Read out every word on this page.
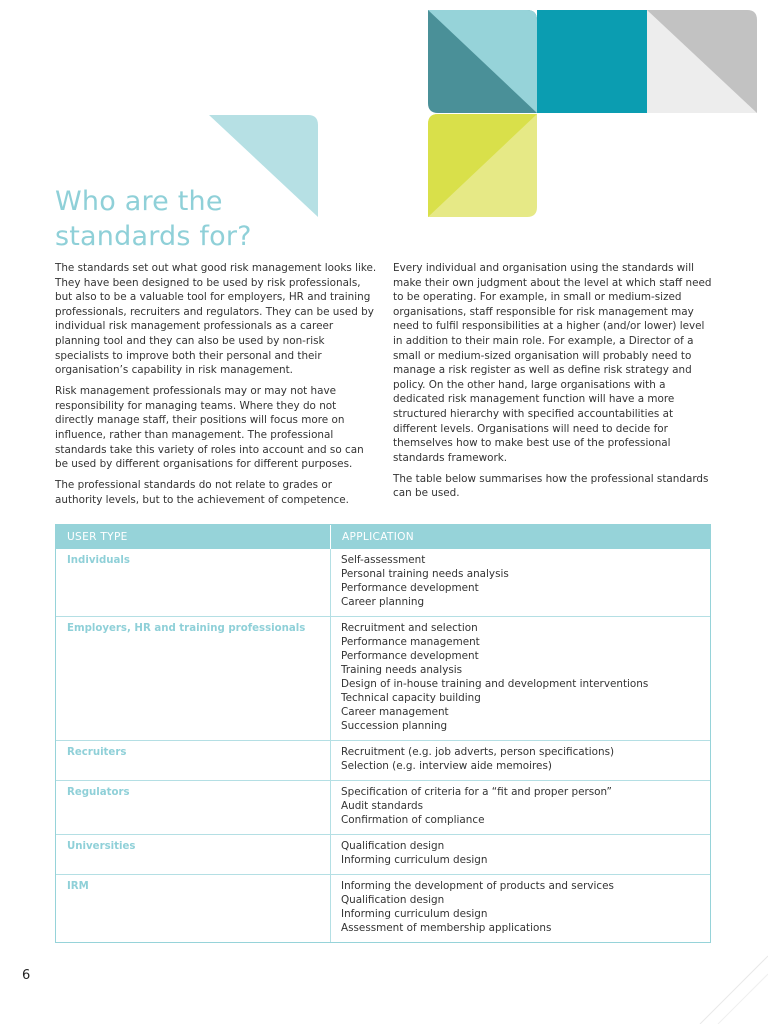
Who are the
standards for?

The standards set out what good risk management looks like. They have been designed to be used by risk professionals, but also to be a valuable tool for employers, HR and training professionals, recruiters and regulators. They can be used by individual risk management professionals as a career planning tool and they can also be used by non-risk specialists to improve both their personal and their organisation’s capability in risk management.

Risk management professionals may or may not have responsibility for managing teams. Where they do not directly manage staff, their positions will focus more on influence, rather than management. The professional standards take this variety of roles into account and so can be used by different organisations for different purposes.

The professional standards do not relate to grades or authority levels, but to the achievement of competence.

Every individual and organisation using the standards will make their own judgment about the level at which staff need to be operating. For example, in small or medium-sized organisations, staff responsible for risk management may need to fulfil responsibilities at a higher (and/or lower) level in addition to their main role. For example, a Director of a small or medium-sized organisation will probably need to manage a risk register as well as define risk strategy and policy. On the other hand, large organisations with a dedicated risk management function will have a more structured hierarchy with specified accountabilities at different levels. Organisations will need to decide for themselves how to make best use of the professional standards framework.

The table below summarises how the professional standards can be used.

USER TYPE	APPLICATION
Individuals	Self-assessment
Personal training needs analysis
Performance development
Career planning
Employers, HR and training professionals	Recruitment and selection
Performance management
Performance development
Training needs analysis
Design of in-house training and development interventions
Technical capacity building
Career management
Succession planning
Recruiters	Recruitment (e.g. job adverts, person specifications)
Selection (e.g. interview aide memoires)
Regulators	Specification of criteria for a “fit and proper person”
Audit standards
Confirmation of compliance
Universities	Qualification design
Informing curriculum design
IRM	Informing the development of products and services
Qualification design
Informing curriculum design
Assessment of membership applications
6
